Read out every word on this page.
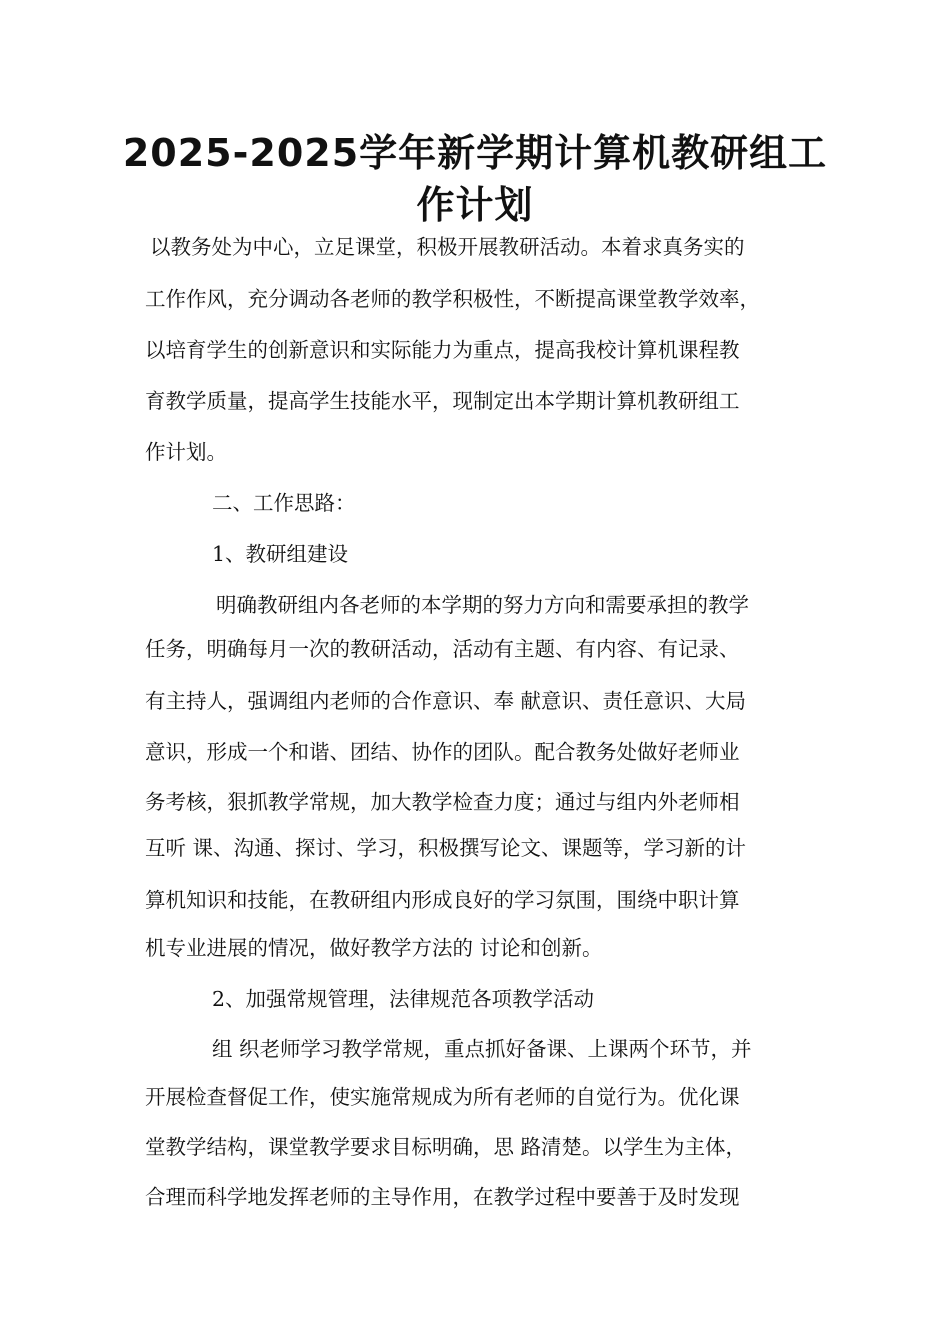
2025-2025学年新学期计算机教研组工
作计划

以教务处为中心，立足课堂，积极开展教研活动。本着求真务实的

工作作风，充分调动各老师的教学积极性，不断提高课堂教学效率，

以培育学生的创新意识和实际能力为重点，提高我校计算机课程教

育教学质量，提高学生技能水平，现制定出本学期计算机教研组工

作计划。

二、工作思路：

1、教研组建设

明确教研组内各老师的本学期的努力方向和需要承担的教学

任务，明确每月一次的教研活动，活动有主题、有内容、有记录、

有主持人，强调组内老师的合作意识、奉 献意识、责任意识、大局

意识，形成一个和谐、团结、协作的团队。配合教务处做好老师业

务考核，狠抓教学常规，加大教学检查力度；通过与组内外老师相

互听 课、沟通、探讨、学习，积极撰写论文、课题等，学习新的计

算机知识和技能，在教研组内形成良好的学习氛围，围绕中职计算

机专业进展的情况，做好教学方法的 讨论和创新。

2、加强常规管理，法律规范各项教学活动

组 织老师学习教学常规，重点抓好备课、上课两个环节，并

开展检查督促工作，使实施常规成为所有老师的自觉行为。优化课

堂教学结构，课堂教学要求目标明确，思 路清楚。以学生为主体，

合理而科学地发挥老师的主导作用，在教学过程中要善于及时发现
